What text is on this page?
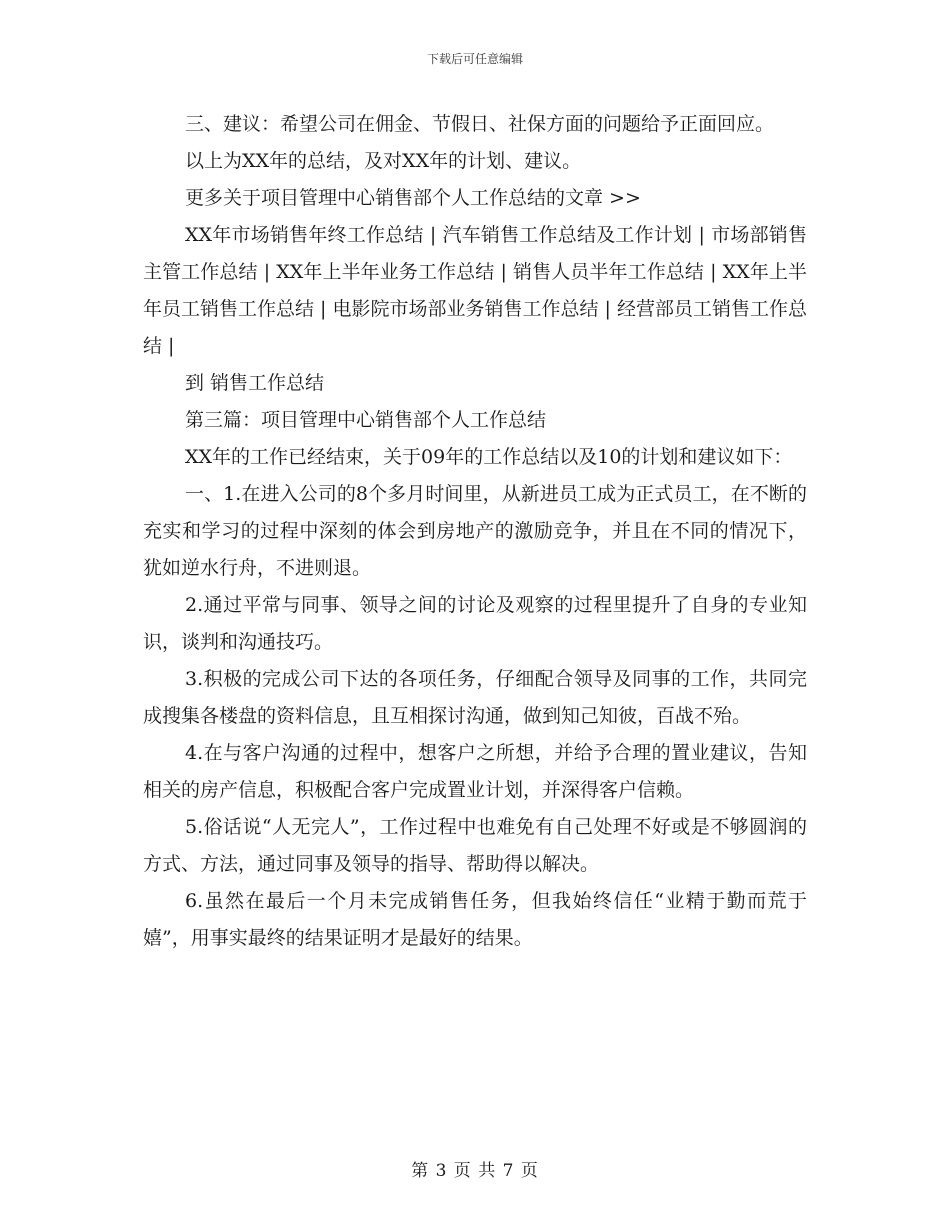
下载后可任意编辑

三、建议：希望公司在佣金、节假日、社保方面的问题给予正面回应。

以上为XX年的总结，及对XX年的计划、建议。

更多关于项目管理中心销售部个人工作总结的文章 >>

XX年市场销售年终工作总结 | 汽车销售工作总结及工作计划 | 市场部销售主管工作总结 | XX年上半年业务工作总结 | 销售人员半年工作总结 | XX年上半年员工销售工作总结 | 电影院市场部业务销售工作总结 | 经营部员工销售工作总结 |

到 销售工作总结

第三篇：项目管理中心销售部个人工作总结

XX年的工作已经结束，关于09年的工作总结以及10的计划和建议如下：

一、1.在进入公司的8个多月时间里，从新进员工成为正式员工，在不断的充实和学习的过程中深刻的体会到房地产的激励竞争，并且在不同的情况下，犹如逆水行舟，不进则退。

2.通过平常与同事、领导之间的讨论及观察的过程里提升了自身的专业知识，谈判和沟通技巧。

3.积极的完成公司下达的各项任务，仔细配合领导及同事的工作，共同完成搜集各楼盘的资料信息，且互相探讨沟通，做到知己知彼，百战不殆。

4.在与客户沟通的过程中，想客户之所想，并给予合理的置业建议，告知相关的房产信息，积极配合客户完成置业计划，并深得客户信赖。

5.俗话说“人无完人”，工作过程中也难免有自己处理不好或是不够圆润的方式、方法，通过同事及领导的指导、帮助得以解决。

6.虽然在最后一个月未完成销售任务，但我始终信任“业精于勤而荒于嬉”，用事实最终的结果证明才是最好的结果。

第 3 页 共 7 页
